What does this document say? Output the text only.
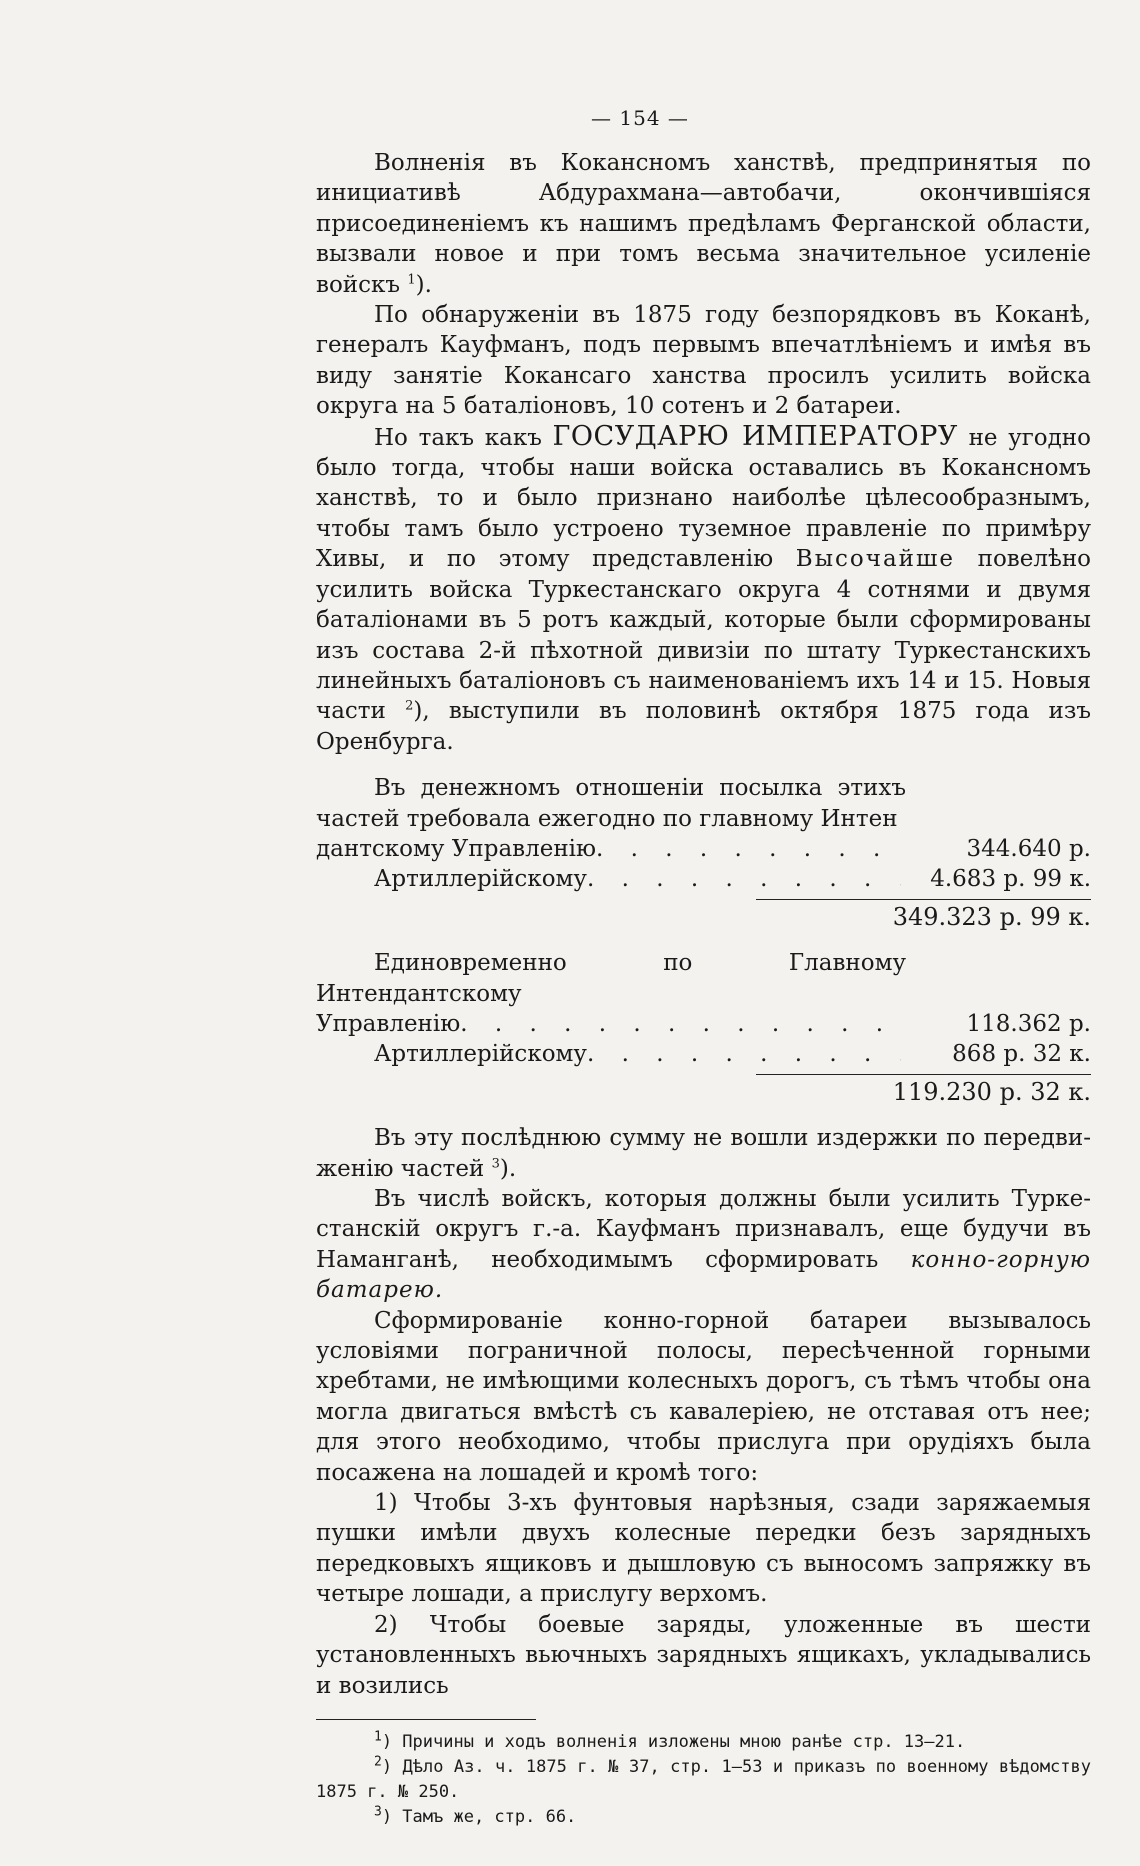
— 154 —

Волненія въ Кокансномъ ханствѣ, предпринятыя по инициативѣ Абдурахмана—автобачи, окончившіяся присоединеніемъ къ нашимъ предѣламъ Ферганской области, вызвали новое и при томъ весьма значительное усиленіе войскъ $^1$).

По обнаруженіи въ 1875 году безпорядковъ въ Коканѣ, генералъ Кауфманъ, подъ первымъ впечатлѣніемъ и имѣя въ виду занятіе Кокансаго ханства просилъ усилить войска округа на 5 баталіоновъ, 10 сотенъ и 2 батареи.

Но такъ какъ ГОСУДАРЮ ИМПЕРАТОРУ не угодно было тогда, чтобы наши войска оставались въ Кокансномъ ханствѣ, то и было признано наиболѣе цѣлесообразнымъ, чтобы тамъ было устроено туземное правленіе по примѣру Хивы, и по этому представленію Высочайше повелѣно усилить войска Туркестанскаго округа 4 сотнями и двумя баталіонами въ 5 ротъ каждый, которые были сформированы изъ состава 2-й пѣхотной дивизіи по штату Туркестанскихъ линейныхъ баталіоновъ съ наименованіемъ ихъ 14 и 15. Новыя части $^2$), выступили въ половинѣ октября 1875 года изъ Оренбурга.

Въ денежномъ отношеніи посылка этихъ частей требовала ежегодно по главному Интен
дантскому Управленію . . .	344.640 р.
Артиллерійскому . . .	4.683 р. 99 к.
349.323 р. 99 к.
Единовременно по Главному Интендантскому
Управленію . . .	118.362 р.
Артиллерійскому . . .	868 р. 32 к.
119.230 р. 32 к.

Въ эту послѣднюю сумму не вошли издержки по передвиженію частей $^3$).

Въ числѣ войскъ, которыя должны были усилить Туркестанскій округъ г.-а. Кауфманъ признавалъ, еще будучи въ Наманганѣ, необходимымъ сформировать конно-горную батарею.

Сформированіе конно-горной батареи вызывалось условіями пограничной полосы, пересѣченной горными хребтами, не имѣющими колесныхъ дорогъ, съ тѣмъ чтобы она могла двигаться вмѣстѣ съ кавалеріею, не отставая отъ нее; для этого необходимо, чтобы прислуга при орудіяхъ была посажена на лошадей и кромѣ того:

1) Чтобы 3-хъ фунтовыя нарѣзныя, сзади заряжаемыя пушки имѣли двухъ колесные передки безъ зарядныхъ передковыхъ ящиковъ и дышловую съ выносомъ запряжку въ четыре лошади, а прислугу верхомъ.

2) Чтобы боевые заряды, уложенные въ шести установленныхъ вьючныхъ зарядныхъ ящикахъ, укладывались и возились

$^1$) Причины и ходъ волненія изложены мною ранѣе стр. 13—21.

$^2$) Дѣло Аз. ч. 1875 г. № 37, стр. 1—53 и приказъ по военному вѣдомству 1875 г. № 250.

$^3$) Тамъ же, стр. 66.
